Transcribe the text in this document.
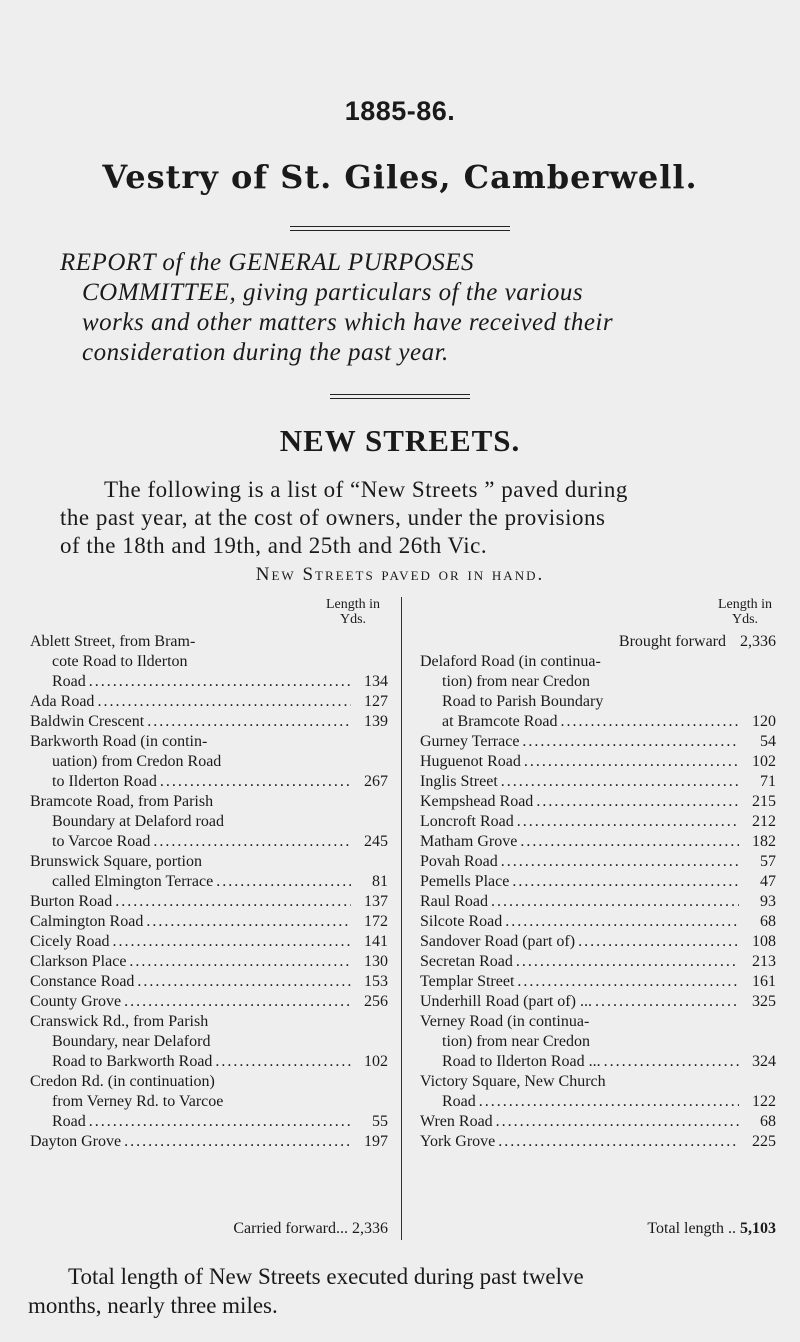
1885-86.
Vestry of St. Giles, Camberwell.
REPORT of the GENERAL PURPOSES
COMMITTEE, giving particulars of the various
works and other matters which have received their
consideration during the past year.
NEW STREETS.
The following is a list of “New Streets ” paved during
the past year, at the cost of owners, under the provisions
of the 18th and 19th, and 25th and 26th Vic.
New Streets paved or in hand.
Length in Yds.
Length in Yds.
Ablett Street, from Bram-
cote Road to Ilderton
Road .....	134
Ada Road .....	127
Baldwin Crescent .....	139
Barkworth Road (in contin-
uation) from Credon Road
to Ilderton Road .....	267
Bramcote Road, from Parish
Boundary at Delaford road
to Varcoe Road .....	245
Brunswick Square, portion
called Elmington Terrace .....	81
Burton Road .....	137
Calmington Road .....	172
Cicely Road .....	141
Clarkson Place .....	130
Constance Road .....	153
County Grove .....	256
Cranswick Rd., from Parish
Boundary, near Delaford
Road to Barkworth Road .....	102
Credon Rd. (in continuation)
from Verney Rd. to Varcoe
Road .....	55
Dayton Grove .....	197
Carried forward... 2,336
Brought forward 2,336
Delaford Road (in continua-
tion) from near Credon
Road to Parish Boundary
at Bramcote Road .....	120
Gurney Terrace .....	54
Huguenot Road .....	102
Inglis Street .....	71
Kempshead Road .....	215
Loncroft Road .....	212
Matham Grove .....	182
Povah Road .....	57
Pemells Place .....	47
Raul Road .....	93
Silcote Road .....	68
Sandover Road (part of) .....	108
Secretan Road .....	213
Templar Street .....	161
Underhill Road (part of) ... .....	325
Verney Road (in continua-
tion) from near Credon
Road to Ilderton Road ... .....	324
Victory Square, New Church
Road .....	122
Wren Road .....	68
York Grove .....	225
Total length .. 5,103
Total length of New Streets executed during past twelve
months, nearly three miles.
